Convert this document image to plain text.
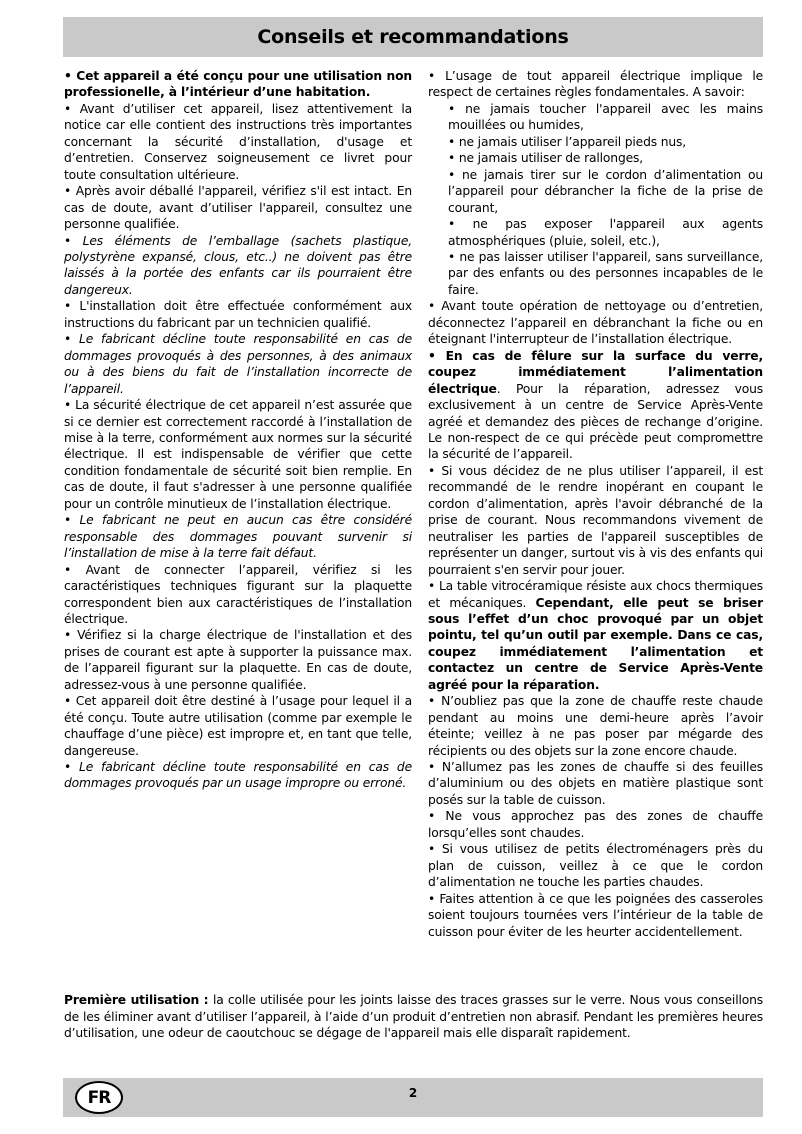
Conseils et recommandations

• Cet appareil a été conçu pour une utilisation non professionelle, à l’intérieur d’une habitation.

• Avant d’utiliser cet appareil, lisez attentivement la notice car elle contient des instructions très importantes concernant la sécurité d’installation, d'usage et d’entretien. Conservez soigneusement ce livret pour toute consultation ultérieure.

• Après avoir déballé l'appareil, vérifiez s'il est intact. En cas de doute, avant d’utiliser l'appareil, consultez une personne qualifiée.

• Les éléments de l’emballage (sachets plastique, polystyrène expansé, clous, etc..) ne doivent pas être laissés à la portée des enfants car ils pourraient être dangereux.

• L'installation doit être effectuée conformément aux instructions du fabricant par un technicien qualifié.

• Le fabricant décline toute responsabilité en cas de dommages provoqués à des personnes, à des animaux ou à des biens du fait de l’installation incorrecte de l’appareil.

• La sécurité électrique de cet appareil n’est assurée que si ce dernier est correctement raccordé à l’installation de mise à la terre, conformément aux normes sur la sécurité électrique. Il est indispensable de vérifier que cette condition fondamentale de sécurité soit bien remplie. En cas de doute, il faut s'adresser à une personne qualifiée pour un contrôle minutieux de l’installation électrique.

• Le fabricant ne peut en aucun cas être considéré responsable des dommages pouvant survenir si l’installation de mise à la terre fait défaut.

• Avant de connecter l’appareil, vérifiez si les caractéristiques techniques figurant sur la plaquette correspondent bien aux caractéristiques de l’installation électrique.

• Vérifiez si la charge électrique de l'installation et des prises de courant est apte à supporter la puissance max. de l’appareil figurant sur la plaquette. En cas de doute, adressez-vous à une personne qualifiée.

• Cet appareil doit être destiné à l’usage pour lequel il a été conçu. Toute autre utilisation (comme par exemple le chauffage d’une pièce) est impropre et, en tant que telle, dangereuse.

• Le fabricant décline toute responsabilité en cas de dommages provoqués par un usage impropre ou erroné.

• L’usage de tout appareil électrique implique le respect de certaines règles fondamentales. A savoir:

• ne jamais toucher l'appareil avec les mains mouillées ou humides,

• ne jamais utiliser l’appareil pieds nus,

• ne jamais utiliser de rallonges,

• ne jamais tirer sur le cordon d’alimentation ou l’appareil pour débrancher la fiche de la prise de courant,

• ne pas exposer l'appareil aux agents atmosphériques (pluie, soleil, etc.),

• ne pas laisser utiliser l'appareil, sans surveillance, par des enfants ou des personnes incapables de le faire.

• Avant toute opération de nettoyage ou d’entretien, déconnectez l’appareil en débranchant la fiche ou en éteignant l'interrupteur de l’installation électrique.

• En cas de fêlure sur la surface du verre, coupez immédiatement l’alimentation électrique. Pour la réparation, adressez vous exclusivement à un centre de Service Après-Vente agréé et demandez des pièces de rechange d’origine. Le non-respect de ce qui précède peut compromettre la sécurité de l’appareil.

• Si vous décidez de ne plus utiliser l’appareil, il est recommandé de le rendre inopérant en coupant le cordon d’alimentation, après l'avoir débranché de la prise de courant. Nous recommandons vivement de neutraliser les parties de l'appareil susceptibles de représenter un danger, surtout vis à vis des enfants qui pourraient s'en servir pour jouer.

• La table vitrocéramique résiste aux chocs thermiques et mécaniques. Cependant, elle peut se briser sous l’effet d’un choc provoqué par un objet pointu, tel qu’un outil par exemple. Dans ce cas, coupez immédiatement l’alimentation et contactez un centre de Service Après-Vente agréé pour la réparation.

• N’oubliez pas que la zone de chauffe reste chaude pendant au moins une demi-heure après l’avoir éteinte; veillez à ne pas poser par mégarde des récipients ou des objets sur la zone encore chaude.

• N’allumez pas les zones de chauffe si des feuilles d’aluminium ou des objets en matière plastique sont posés sur la table de cuisson.

• Ne vous approchez pas des zones de chauffe lorsqu’elles sont chaudes.

• Si vous utilisez de petits électroménagers près du plan de cuisson, veillez à ce que le cordon d’alimentation ne touche les parties chaudes.

• Faites attention à ce que les poignées des casseroles soient toujours tournées vers l’intérieur de la table de cuisson pour éviter de les heurter accidentellement.

Première utilisation : la colle utilisée pour les joints laisse des traces grasses sur le verre. Nous vous conseillons de les éliminer avant d’utiliser l’appareil, à l’aide d’un produit d’entretien non abrasif. Pendant les premières heures d’utilisation, une odeur de caoutchouc se dégage de l'appareil mais elle disparaît rapidement.
FR	2
